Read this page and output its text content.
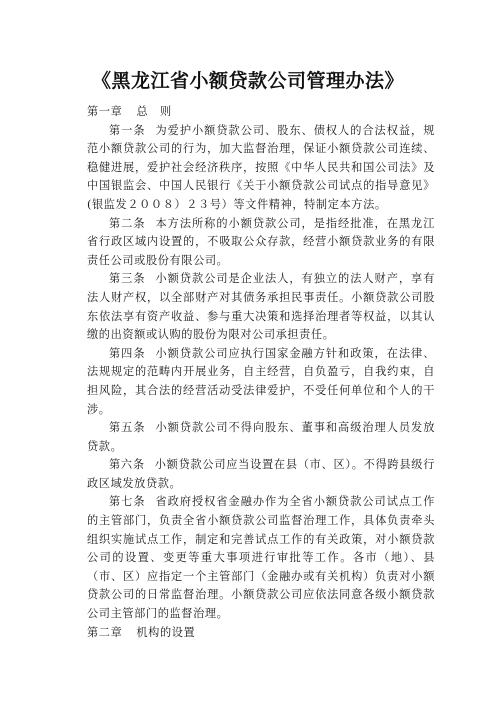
《黑龙江省小额贷款公司管理办法》

第一章 总　则

第一条 为爱护小额贷款公司、股东、债权人的合法权益，规范小额贷款公司的行为，加大监督治理，保证小额贷款公司连续、稳健进展，爱护社会经济秩序，按照《中华人民共和国公司法》及中国银监会、中国人民银行《关于小额贷款公司试点的指导意见》(银监发２００８）２３号）等文件精神，特制定本方法。

第二条 本方法所称的小额贷款公司，是指经批准，在黑龙江省行政区域内设置的，不吸取公众存款，经营小额贷款业务的有限责任公司或股份有限公司。

第三条 小额贷款公司是企业法人，有独立的法人财产，享有法人财产权，以全部财产对其债务承担民事责任。小额贷款公司股东依法享有资产收益、参与重大决策和选择治理者等权益，以其认缴的出资额或认购的股份为限对公司承担责任。

第四条 小额贷款公司应执行国家金融方针和政策，在法律、法规规定的范畴内开展业务，自主经营，自负盈亏，自我约束，自担风险，其合法的经营活动受法律爱护，不受任何单位和个人的干涉。

第五条 小额贷款公司不得向股东、董事和高级治理人员发放贷款。

第六条 小额贷款公司应当设置在县（市、区）。不得跨县级行政区域发放贷款。

第七条 省政府授权省金融办作为全省小额贷款公司试点工作的主管部门，负责全省小额贷款公司监督治理工作，具体负责牵头组织实施试点工作，制定和完善试点工作的有关政策，对小额贷款公司的设置、变更等重大事项进行审批等工作。各市（地）、县（市、区）应指定一个主管部门（金融办或有关机构）负责对小额贷款公司的日常监督治理。小额贷款公司应依法同意各级小额贷款公司主管部门的监督治理。

第二章 机构的设置
